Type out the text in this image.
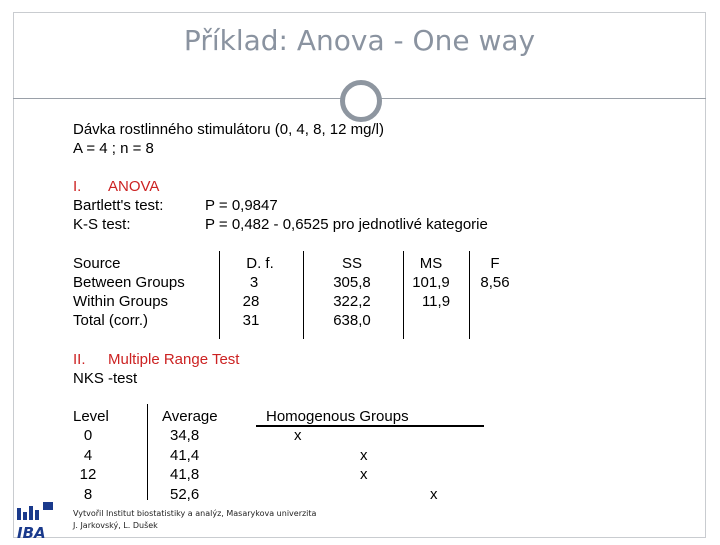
Příklad: Anova - One way
Dávka rostlinného stimulátoru (0, 4, 8, 12 mg/l)
A = 4 ; n = 8
I. ANOVA
Bartlett's test:	P = 0,9847
K-S test:	P = 0,482 - 0,6525 pro jednotlivé kategorie
Source	D. f.	SS	MS	F
Between Groups	3	305,8	101,9	8,56
Within Groups	28	322,2	11,9
Total (corr.)	31	638,0
II. Multiple Range Test
NKS -test
Level	Average	Homogenous Groups
0	34,8	x
4	41,4	x
12	41,8	x
8	52,6	x
Vytvořil Institut biostatistiky a analýz, Masarykova univerzita
J. Jarkovský, L. Dušek
IBA
